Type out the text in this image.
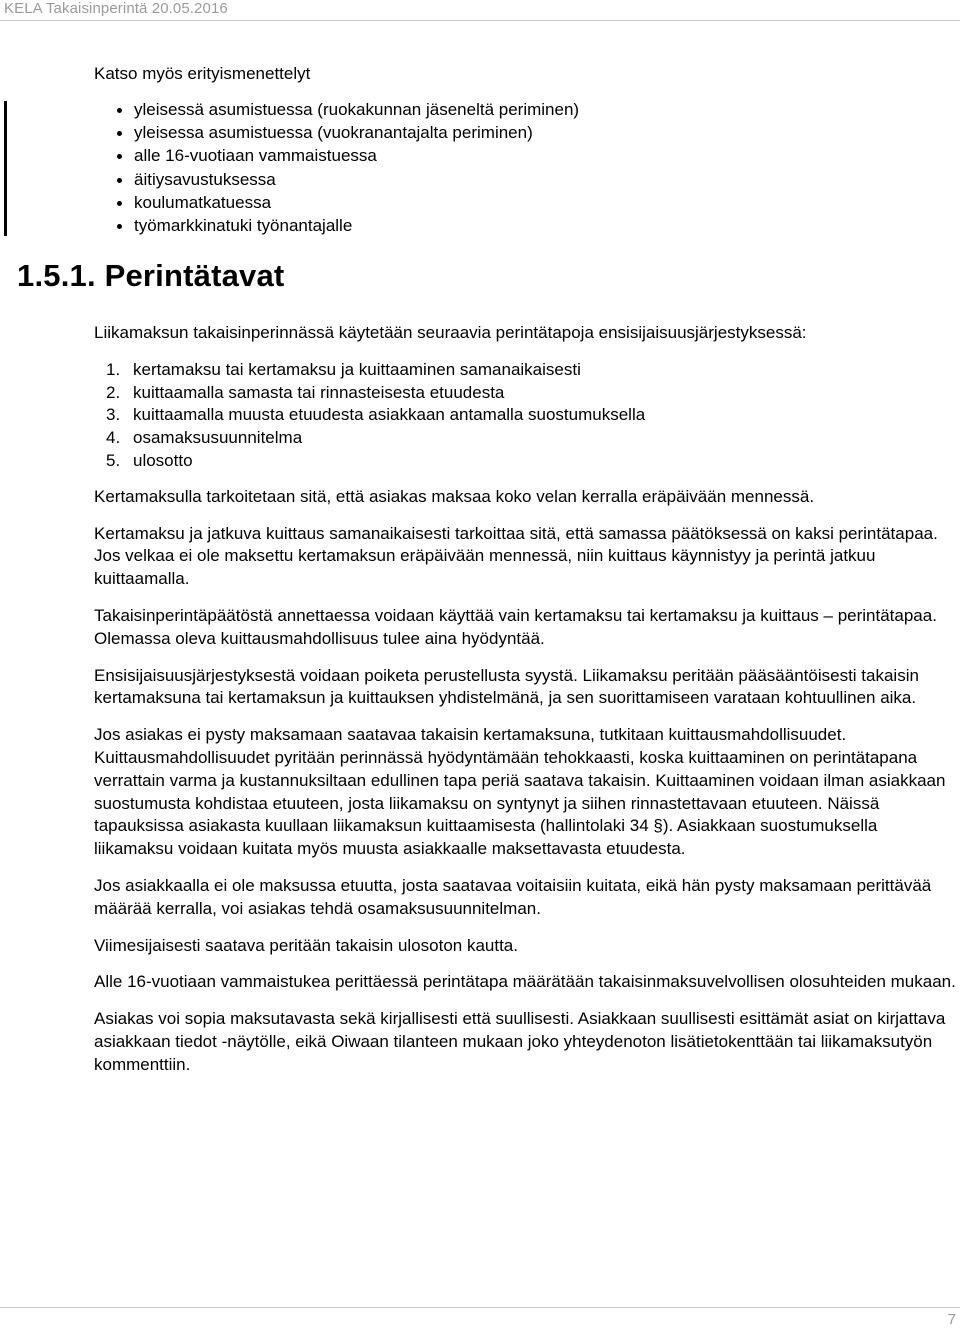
KELA Takaisinperintä 20.05.2016
Katso myös erityismenettelyt
yleisessä asumistuessa (ruokakunnan jäseneltä periminen)
yleisessa asumistuessa (vuokranantajalta periminen)
alle 16-vuotiaan vammaistuessa
äitiysavustuksessa
koulumatkatuessa
työmarkkinatuki työnantajalle
1.5.1. Perintätavat

Liikamaksun takaisinperinnässä käytetään seuraavia perintätapoja ensisijaisuusjärjestyksessä:

1. kertamaksu tai kertamaksu ja kuittaaminen samanaikaisesti
2. kuittaamalla samasta tai rinnasteisesta etuudesta
3. kuittaamalla muusta etuudesta asiakkaan antamalla suostumuksella
4. osamaksusuunnitelma
5. ulosotto

Kertamaksulla tarkoitetaan sitä, että asiakas maksaa koko velan kerralla eräpäivään mennessä.

Kertamaksu ja jatkuva kuittaus samanaikaisesti tarkoittaa sitä, että samassa päätöksessä on kaksi perintätapaa. Jos velkaa ei ole maksettu kertamaksun eräpäivään mennessä, niin kuittaus käynnistyy ja perintä jatkuu kuittaamalla.

Takaisinperintäpäätöstä annettaessa voidaan käyttää vain kertamaksu tai kertamaksu ja kuittaus – perintätapaa. Olemassa oleva kuittausmahdollisuus tulee aina hyödyntää.

Ensisijaisuusjärjestyksestä voidaan poiketa perustellusta syystä. Liikamaksu peritään pääsääntöisesti takaisin kertamaksuna tai kertamaksun ja kuittauksen yhdistelmänä, ja sen suorittamiseen varataan kohtuullinen aika.

Jos asiakas ei pysty maksamaan saatavaa takaisin kertamaksuna, tutkitaan kuittausmahdollisuudet. Kuittausmahdollisuudet pyritään perinnässä hyödyntämään tehokkaasti, koska kuittaaminen on perintätapana verrattain varma ja kustannuksiltaan edullinen tapa periä saatava takaisin. Kuittaaminen voidaan ilman asiakkaan suostumusta kohdistaa etuuteen, josta liikamaksu on syntynyt ja siihen rinnastettavaan etuuteen. Näissä tapauksissa asiakasta kuullaan liikamaksun kuittaamisesta (hallintolaki 34 §). Asiakkaan suostumuksella liikamaksu voidaan kuitata myös muusta asiakkaalle maksettavasta etuudesta.

Jos asiakkaalla ei ole maksussa etuutta, josta saatavaa voitaisiin kuitata, eikä hän pysty maksamaan perittävää määrää kerralla, voi asiakas tehdä osamaksusuunnitelman.

Viimesijaisesti saatava peritään takaisin ulosoton kautta.

Alle 16-vuotiaan vammaistukea perittäessä perintätapa määrätään takaisinmaksuvelvollisen olosuhteiden mukaan.

Asiakas voi sopia maksutavasta sekä kirjallisesti että suullisesti. Asiakkaan suullisesti esittämät asiat on kirjattava asiakkaan tiedot -näytölle, eikä Oiwaan tilanteen mukaan joko yhteydenoton lisätietokenttään tai liikamaksutyön kommenttiin.

7
